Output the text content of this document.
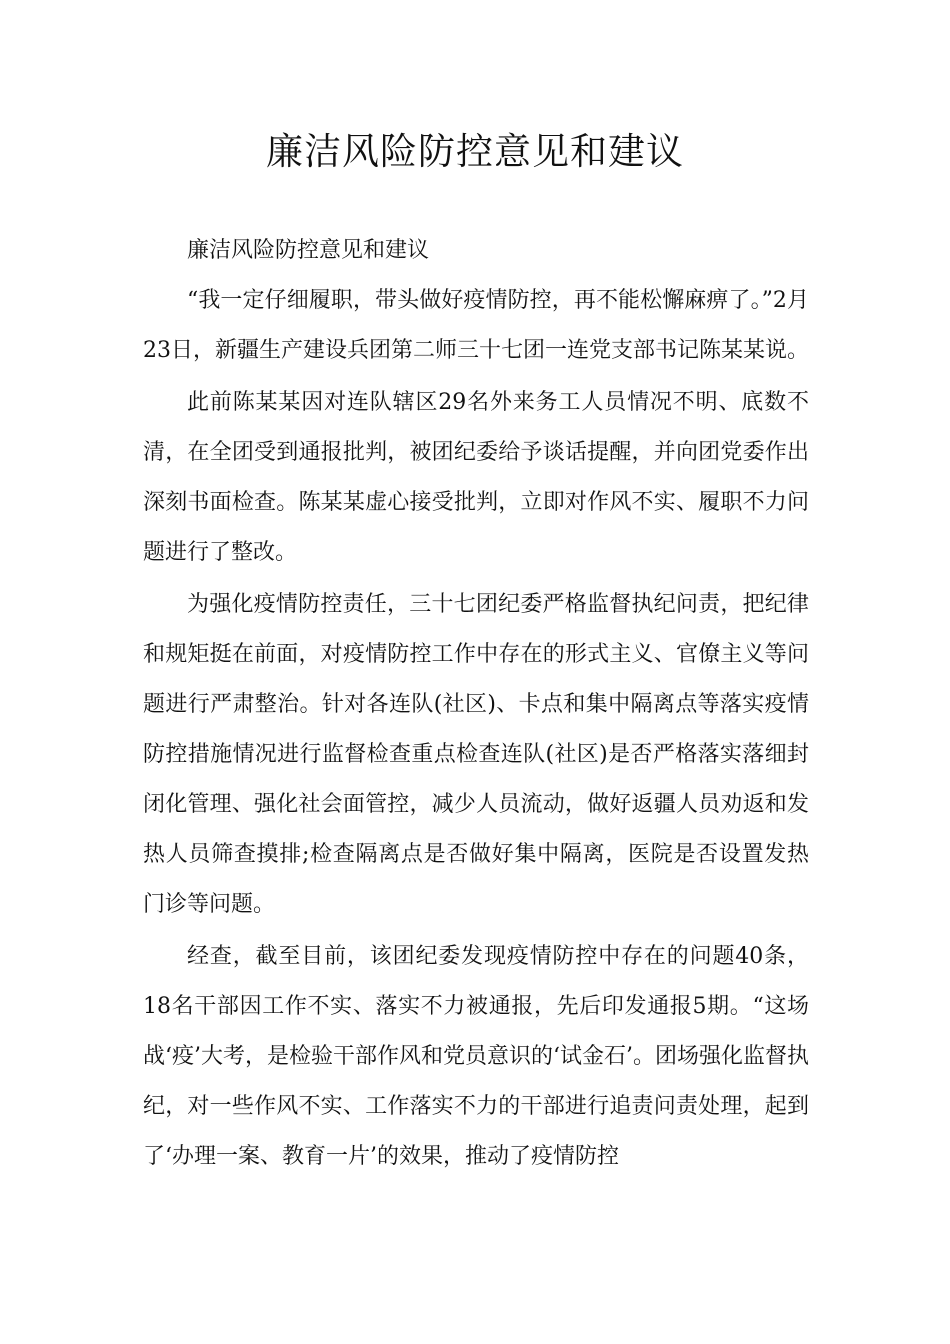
廉洁风险防控意见和建议

廉洁风险防控意见和建议

“我一定仔细履职，带头做好疫情防控，再不能松懈麻痹了。”2月23日，新疆生产建设兵团第二师三十七团一连党支部书记陈某某说。

此前陈某某因对连队辖区29名外来务工人员情况不明、底数不清，在全团受到通报批判，被团纪委给予谈话提醒，并向团党委作出深刻书面检查。陈某某虚心接受批判，立即对作风不实、履职不力问题进行了整改。

为强化疫情防控责任，三十七团纪委严格监督执纪问责，把纪律和规矩挺在前面，对疫情防控工作中存在的形式主义、官僚主义等问题进行严肃整治。针对各连队(社区)、卡点和集中隔离点等落实疫情防控措施情况进行监督检查重点检查连队(社区)是否严格落实落细封闭化管理、强化社会面管控，减少人员流动，做好返疆人员劝返和发热人员筛查摸排;检查隔离点是否做好集中隔离，医院是否设置发热门诊等问题。

经查，截至目前，该团纪委发现疫情防控中存在的问题40条，18名干部因工作不实、落实不力被通报，先后印发通报5期。“这场战‘疫’大考，是检验干部作风和党员意识的‘试金石’。团场强化监督执纪，对一些作风不实、工作落实不力的干部进行追责问责处理，起到了‘办理一案、教育一片’的效果，推动了疫情防控
